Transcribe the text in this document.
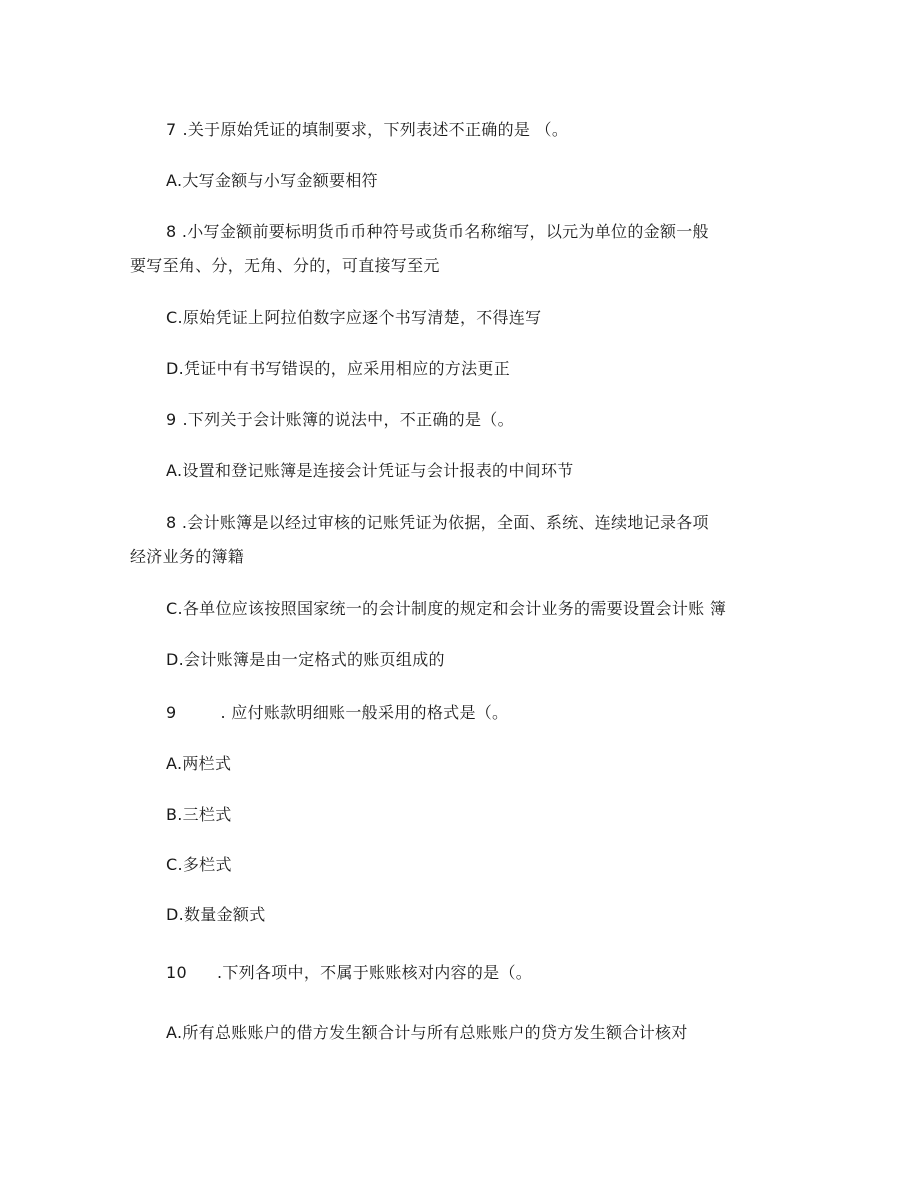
7 .关于原始凭证的填制要求，下列表述不正确的是 （。
A.大写金额与小写金额要相符
8 .小写金额前要标明货币币种符号或货币名称缩写，以元为单位的金额一般
要写至角、分，无角、分的，可直接写至元
C.原始凭证上阿拉伯数字应逐个书写清楚，不得连写
D.凭证中有书写错误的，应采用相应的方法更正
9 .下列关于会计账簿的说法中，不正确的是（。
A.设置和登记账簿是连接会计凭证与会计报表的中间环节
8 .会计账簿是以经过审核的记账凭证为依据，全面、系统、连续地记录各项
经济业务的簿籍
C.各单位应该按照国家统一的会计制度的规定和会计业务的需要设置会计账 簿
D.会计账簿是由一定格式的账页组成的
9	. 应付账款明细账一般采用的格式是（。
A.两栏式
B.三栏式
C.多栏式
D.数量金额式
10 .下列各项中，不属于账账核对内容的是（。
A.所有总账账户的借方发生额合计与所有总账账户的贷方发生额合计核对
